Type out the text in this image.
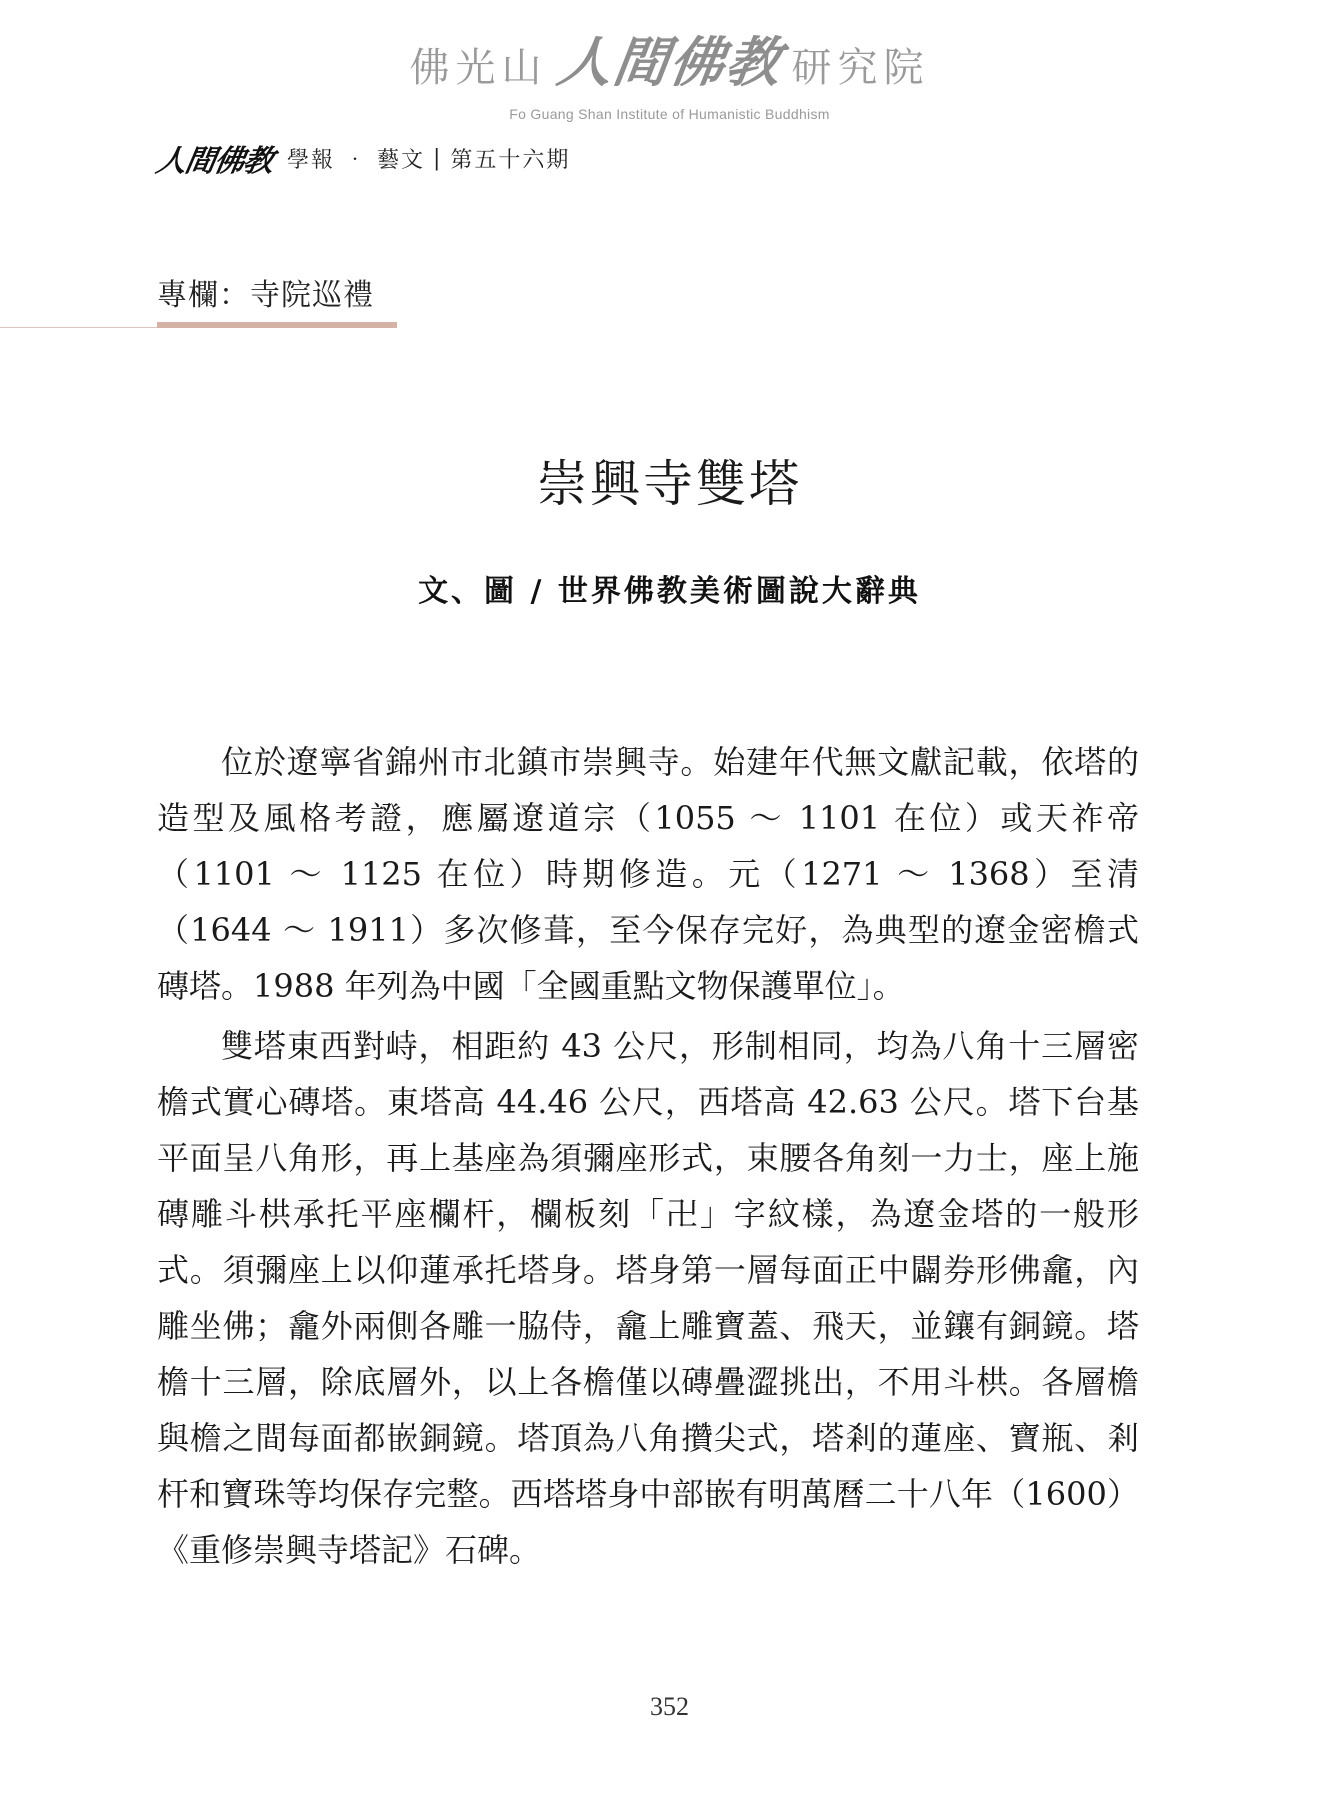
佛光山 人間佛教 研究院
Fo Guang Shan Institute of Humanistic Buddhism
人間佛教 學報 ‧ 藝文 | 第五十六期
專欄：寺院巡禮
崇興寺雙塔
文、圖 / 世界佛教美術圖說大辭典

位於遼寧省錦州市北鎮市崇興寺。始建年代無文獻記載，依塔的造型及風格考證，應屬遼道宗（1055 ～ 1101 在位）或天祚帝（1101 ～ 1125 在位）時期修造。元（1271 ～ 1368）至清（1644 ～ 1911）多次修葺，至今保存完好，為典型的遼金密檐式磚塔。1988 年列為中國「全國重點文物保護單位」。

雙塔東西對峙，相距約 43 公尺，形制相同，均為八角十三層密檐式實心磚塔。東塔高 44.46 公尺，西塔高 42.63 公尺。塔下台基平面呈八角形，再上基座為須彌座形式，束腰各角刻一力士，座上施磚雕斗栱承托平座欄杆，欄板刻「卍」字紋樣，為遼金塔的一般形式。須彌座上以仰蓮承托塔身。塔身第一層每面正中闢券形佛龕，內雕坐佛；龕外兩側各雕一脇侍，龕上雕寶蓋、飛天，並鑲有銅鏡。塔檐十三層，除底層外，以上各檐僅以磚疊澀挑出，不用斗栱。各層檐與檐之間每面都嵌銅鏡。塔頂為八角攢尖式，塔剎的蓮座、寶瓶、剎杆和寶珠等均保存完整。西塔塔身中部嵌有明萬曆二十八年（1600）《重修崇興寺塔記》石碑。

352
